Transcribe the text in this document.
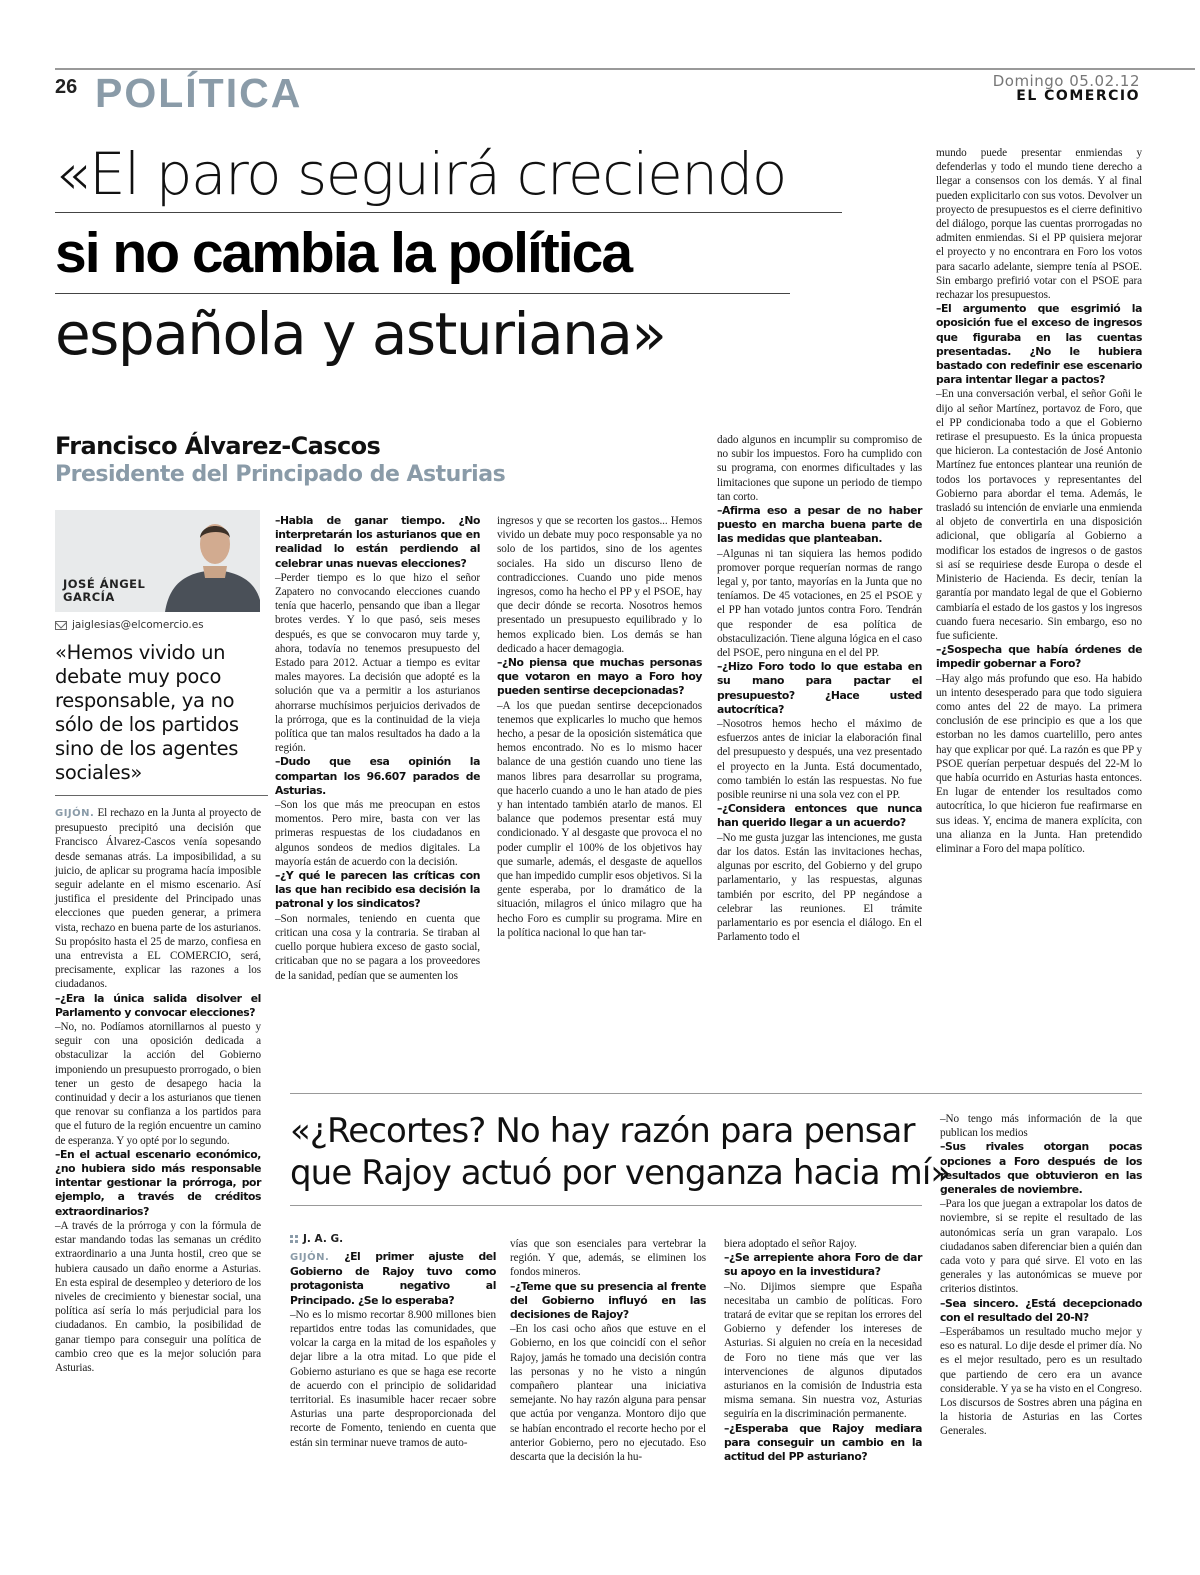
26 POLÍTICA	Domingo 05.02.12
EL COMERCIO
«El paro seguirá creciendo
si no cambia la política
española y asturiana»
Francisco Álvarez-Cascos
Presidente del Principado de Asturias
JOSÉ ÁNGEL
GARCÍA
jaiglesias@elcomercio.es
«Hemos vivido un debate muy poco responsable, ya no sólo de los partidos sino de los agentes sociales»

GIJÓN. El rechazo en la Junta al proyecto de presupuesto precipitó una decisión que Francisco Álvarez-Cascos venía sopesando desde semanas atrás. La imposibilidad, a su juicio, de aplicar su programa hacía imposible seguir adelante en el mismo escenario. Así justifica el presidente del Principado unas elecciones que pueden generar, a primera vista, rechazo en buena parte de los asturianos. Su propósito hasta el 25 de marzo, confiesa en una entrevista a EL COMERCIO, será, precisamente, explicar las razones a los ciudadanos.

–¿Era la única salida disolver el Parlamento y convocar elecciones?

–No, no. Podíamos atornillarnos al puesto y seguir con una oposición dedicada a obstaculizar la acción del Gobierno imponiendo un presupuesto prorrogado, o bien tener un gesto de desapego hacia la continuidad y decir a los asturianos que tienen que renovar su confianza a los partidos para que el futuro de la región encuentre un camino de esperanza. Y yo opté por lo segundo.

–En el actual escenario económico, ¿no hubiera sido más responsable intentar gestionar la prórroga, por ejemplo, a través de créditos extraordinarios?

–A través de la prórroga y con la fórmula de estar mandando todas las semanas un crédito extraordinario a una Junta hostil, creo que se hubiera causado un daño enorme a Asturias. En esta espiral de desempleo y deterioro de los niveles de crecimiento y bienestar social, una política así sería lo más perjudicial para los ciudadanos. En cambio, la posibilidad de ganar tiempo para conseguir una política de cambio creo que es la mejor solución para Asturias.

–Habla de ganar tiempo. ¿No interpretarán los asturianos que en realidad lo están perdiendo al celebrar unas nuevas elecciones?

–Perder tiempo es lo que hizo el señor Zapatero no convocando elecciones cuando tenía que hacerlo, pensando que iban a llegar brotes verdes. Y lo que pasó, seis meses después, es que se convocaron muy tarde y, ahora, todavía no tenemos presupuesto del Estado para 2012. Actuar a tiempo es evitar males mayores. La decisión que adopté es la solución que va a permitir a los asturianos ahorrarse muchísimos perjuicios derivados de la prórroga, que es la continuidad de la vieja política que tan malos resultados ha dado a la región.

–Dudo que esa opinión la compartan los 96.607 parados de Asturias.

–Son los que más me preocupan en estos momentos. Pero mire, basta con ver las primeras respuestas de los ciudadanos en algunos sondeos de medios digitales. La mayoría están de acuerdo con la decisión.

–¿Y qué le parecen las críticas con las que han recibido esa decisión la patronal y los sindicatos?

–Son normales, teniendo en cuenta que critican una cosa y la contraria. Se tiraban al cuello porque hubiera exceso de gasto social, criticaban que no se pagara a los proveedores de la sanidad, pedían que se aumenten los

ingresos y que se recorten los gastos... Hemos vivido un debate muy poco responsable ya no solo de los partidos, sino de los agentes sociales. Ha sido un discurso lleno de contradicciones. Cuando uno pide menos ingresos, como ha hecho el PP y el PSOE, hay que decir dónde se recorta. Nosotros hemos presentado un presupuesto equilibrado y lo hemos explicado bien. Los demás se han dedicado a hacer demagogia.

–¿No piensa que muchas personas que votaron en mayo a Foro hoy pueden sentirse decepcionadas?

–A los que puedan sentirse decepcionados tenemos que explicarles lo mucho que hemos hecho, a pesar de la oposición sistemática que hemos encontrado. No es lo mismo hacer balance de una gestión cuando uno tiene las manos libres para desarrollar su programa, que hacerlo cuando a uno le han atado de pies y han intentado también atarlo de manos. El balance que podemos presentar está muy condicionado. Y al desgaste que provoca el no poder cumplir el 100% de los objetivos hay que sumarle, además, el desgaste de aquellos que han impedido cumplir esos objetivos. Si la gente esperaba, por lo dramático de la situación, milagros el único milagro que ha hecho Foro es cumplir su programa. Mire en la política nacional lo que han tar-

dado algunos en incumplir su compromiso de no subir los impuestos. Foro ha cumplido con su programa, con enormes dificultades y las limitaciones que supone un periodo de tiempo tan corto.

–Afirma eso a pesar de no haber puesto en marcha buena parte de las medidas que planteaban.

–Algunas ni tan siquiera las hemos podido promover porque requerían normas de rango legal y, por tanto, mayorías en la Junta que no teníamos. De 45 votaciones, en 25 el PSOE y el PP han votado juntos contra Foro. Tendrán que responder de esa política de obstaculización. Tiene alguna lógica en el caso del PSOE, pero ninguna en el del PP.

–¿Hizo Foro todo lo que estaba en su mano para pactar el presupuesto? ¿Hace usted autocrítica?

–Nosotros hemos hecho el máximo de esfuerzos antes de iniciar la elaboración final del presupuesto y después, una vez presentado el proyecto en la Junta. Está documentado, como también lo están las respuestas. No fue posible reunirse ni una sola vez con el PP.

–¿Considera entonces que nunca han querido llegar a un acuerdo?

–No me gusta juzgar las intenciones, me gusta dar los datos. Están las invitaciones hechas, algunas por escrito, del Gobierno y del grupo parlamentario, y las respuestas, algunas también por escrito, del PP negándose a celebrar las reuniones. El trámite parlamentario es por esencia el diálogo. En el Parlamento todo el

mundo puede presentar enmiendas y defenderlas y todo el mundo tiene derecho a llegar a consensos con los demás. Y al final pueden explicitarlo con sus votos. Devolver un proyecto de presupuestos es el cierre definitivo del diálogo, porque las cuentas prorrogadas no admiten enmiendas. Si el PP quisiera mejorar el proyecto y no encontrara en Foro los votos para sacarlo adelante, siempre tenía al PSOE. Sin embargo prefirió votar con el PSOE para rechazar los presupuestos.

–El argumento que esgrimió la oposición fue el exceso de ingresos que figuraba en las cuentas presentadas. ¿No le hubiera bastado con redefinir ese escenario para intentar llegar a pactos?

–En una conversación verbal, el señor Goñi le dijo al señor Martínez, portavoz de Foro, que el PP condicionaba todo a que el Gobierno retirase el presupuesto. Es la única propuesta que hicieron. La contestación de José Antonio Martínez fue entonces plantear una reunión de todos los portavoces y representantes del Gobierno para abordar el tema. Además, le trasladó su intención de enviarle una enmienda al objeto de convertirla en una disposición adicional, que obligaría al Gobierno a modificar los estados de ingresos o de gastos si así se requiriese desde Europa o desde el Ministerio de Hacienda. Es decir, tenían la garantía por mandato legal de que el Gobierno cambiaría el estado de los gastos y los ingresos cuando fuera necesario. Sin embargo, eso no fue suficiente.

–¿Sospecha que había órdenes de impedir gobernar a Foro?

–Hay algo más profundo que eso. Ha habido un intento desesperado para que todo siguiera como antes del 22 de mayo. La primera conclusión de ese principio es que a los que estorban no les damos cuartelillo, pero antes hay que explicar por qué. La razón es que PP y PSOE querían perpetuar después del 22-M lo que había ocurrido en Asturias hasta entonces. En lugar de entender los resultados como autocrítica, lo que hicieron fue reafirmarse en sus ideas. Y, encima de manera explícita, con una alianza en la Junta. Han pretendido eliminar a Foro del mapa político.

«¿Recortes? No hay razón para pensar
que Rajoy actuó por venganza hacia mí»
J. A. G.

GIJÓN. ¿El primer ajuste del Gobierno de Rajoy tuvo como protagonista negativo al Principado. ¿Se lo esperaba?

–No es lo mismo recortar 8.900 millones bien repartidos entre todas las comunidades, que volcar la carga en la mitad de los españoles y dejar libre a la otra mitad. Lo que pide el Gobierno asturiano es que se haga ese recorte de acuerdo con el principio de solidaridad territorial. Es inasumible hacer recaer sobre Asturias una parte desproporcionada del recorte de Fomento, teniendo en cuenta que están sin terminar nueve tramos de auto-

vías que son esenciales para vertebrar la región. Y que, además, se eliminen los fondos mineros.

–¿Teme que su presencia al frente del Gobierno influyó en las decisiones de Rajoy?

–En los casi ocho años que estuve en el Gobierno, en los que coincidí con el señor Rajoy, jamás he tomado una decisión contra las personas y no he visto a ningún compañero plantear una iniciativa semejante. No hay razón alguna para pensar que actúa por venganza. Montoro dijo que se habían encontrado el recorte hecho por el anterior Gobierno, pero no ejecutado. Eso descarta que la decisión la hu-

biera adoptado el señor Rajoy.

–¿Se arrepiente ahora Foro de dar su apoyo en la investidura?

–No. Dijimos siempre que España necesitaba un cambio de políticas. Foro tratará de evitar que se repitan los errores del Gobierno y defender los intereses de Asturias. Si alguien no creía en la necesidad de Foro no tiene más que ver las intervenciones de algunos diputados asturianos en la comisión de Industria esta misma semana. Sin nuestra voz, Asturias seguiría en la discriminación permanente.

–¿Esperaba que Rajoy mediara para conseguir un cambio en la actitud del PP asturiano?

–No tengo más información de la que publican los medios

–Sus rivales otorgan pocas opciones a Foro después de los resultados que obtuvieron en las generales de noviembre.

–Para los que juegan a extrapolar los datos de noviembre, si se repite el resultado de las autonómicas sería un gran varapalo. Los ciudadanos saben diferenciar bien a quién dan cada voto y para qué sirve. El voto en las generales y las autonómicas se mueve por criterios distintos.

–Sea sincero. ¿Está decepcionado con el resultado del 20-N?

–Esperábamos un resultado mucho mejor y eso es natural. Lo dije desde el primer día. No es el mejor resultado, pero es un resultado que partiendo de cero era un avance considerable. Y ya se ha visto en el Congreso. Los discursos de Sostres abren una página en la historia de Asturias en las Cortes Generales.
